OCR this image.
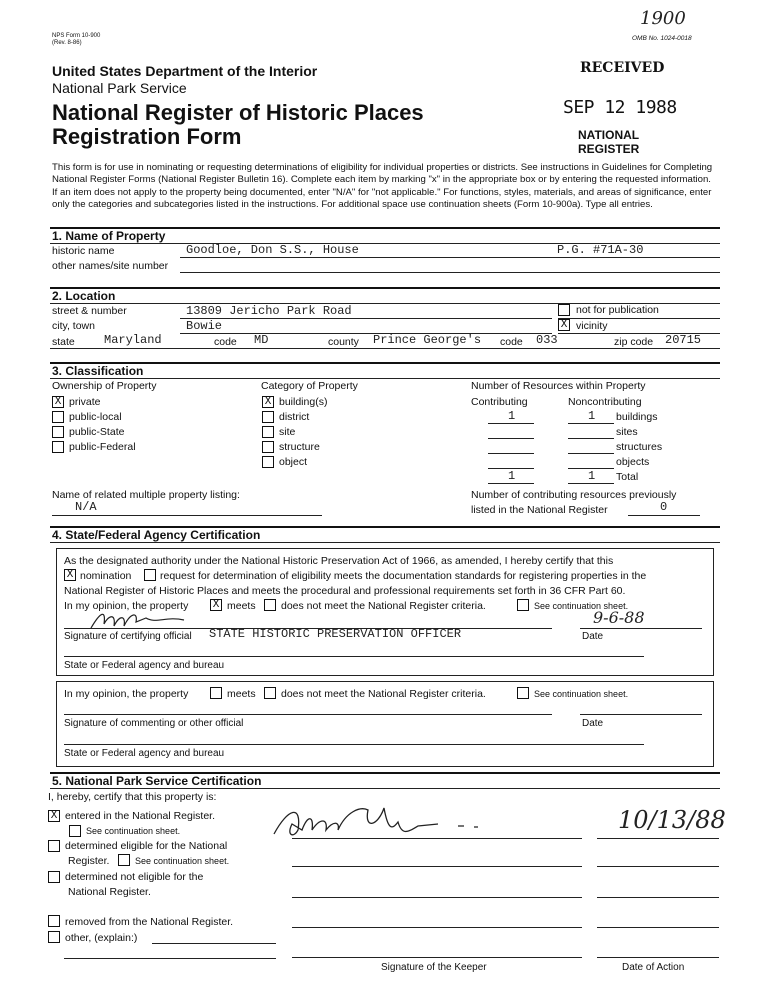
NPS Form 10-900
(Rev. 8-86)
1900
OMB No. 1024-0018
United States Department of the Interior
National Park Service
National Register of Historic Places
Registration Form
RECEIVED
SEP 12 1988
NATIONAL
REGISTER
This form is for use in nominating or requesting determinations of eligibility for individual properties or districts. See instructions in Guidelines for Completing National Register Forms (National Register Bulletin 16). Complete each item by marking "x" in the appropriate box or by entering the requested information. If an item does not apply to the property being documented, enter "N/A" for "not applicable." For functions, styles, materials, and areas of significance, enter only the categories and subcategories listed in the instructions. For additional space use continuation sheets (Form 10-900a). Type all entries.
1. Name of Property
historic name	Goodloe, Don S.S., House	P.G. #71A-30
other names/site number
2. Location
street & number	13809 Jericho Park Road	not for publication
city, town	Bowie	X vicinity
state Maryland	code MD	county Prince George's code 033	zip code 20715
3. Classification
Ownership of Property	Category of Property	Number of Resources within Property
X private
public-local
public-State
public-Federal
X building(s)
district
site
structure
object
Contributing	Noncontributing
1	1 buildings
sites
structures
objects
1	1 Total
Name of related multiple property listing:
N/A
Number of contributing resources previously
listed in the National Register	0
4. State/Federal Agency Certification
As the designated authority under the National Historic Preservation Act of 1966, as amended, I hereby certify that this
X nomination	request for determination of eligibility meets the documentation standards for registering properties in the
National Register of Historic Places and meets the procedural and professional requirements set forth in 36 CFR Part 60.
In my opinion, the property X meets does not meet the National Register criteria.	See continuation sheet.
9-6-88
Signature of certifying official STATE HISTORIC PRESERVATION OFFICER	Date
State or Federal agency and bureau
In my opinion, the property	meets does not meet the National Register criteria.	See continuation sheet.
Signature of commenting or other official	Date
State or Federal agency and bureau
5. National Park Service Certification
I, hereby, certify that this property is:
X entered in the National Register.
See continuation sheet.
determined eligible for the National
Register.	See continuation sheet.
determined not eligible for the
National Register.
removed from the National Register.
other, (explain:)
10/13/88
Signature of the Keeper	Date of Action
